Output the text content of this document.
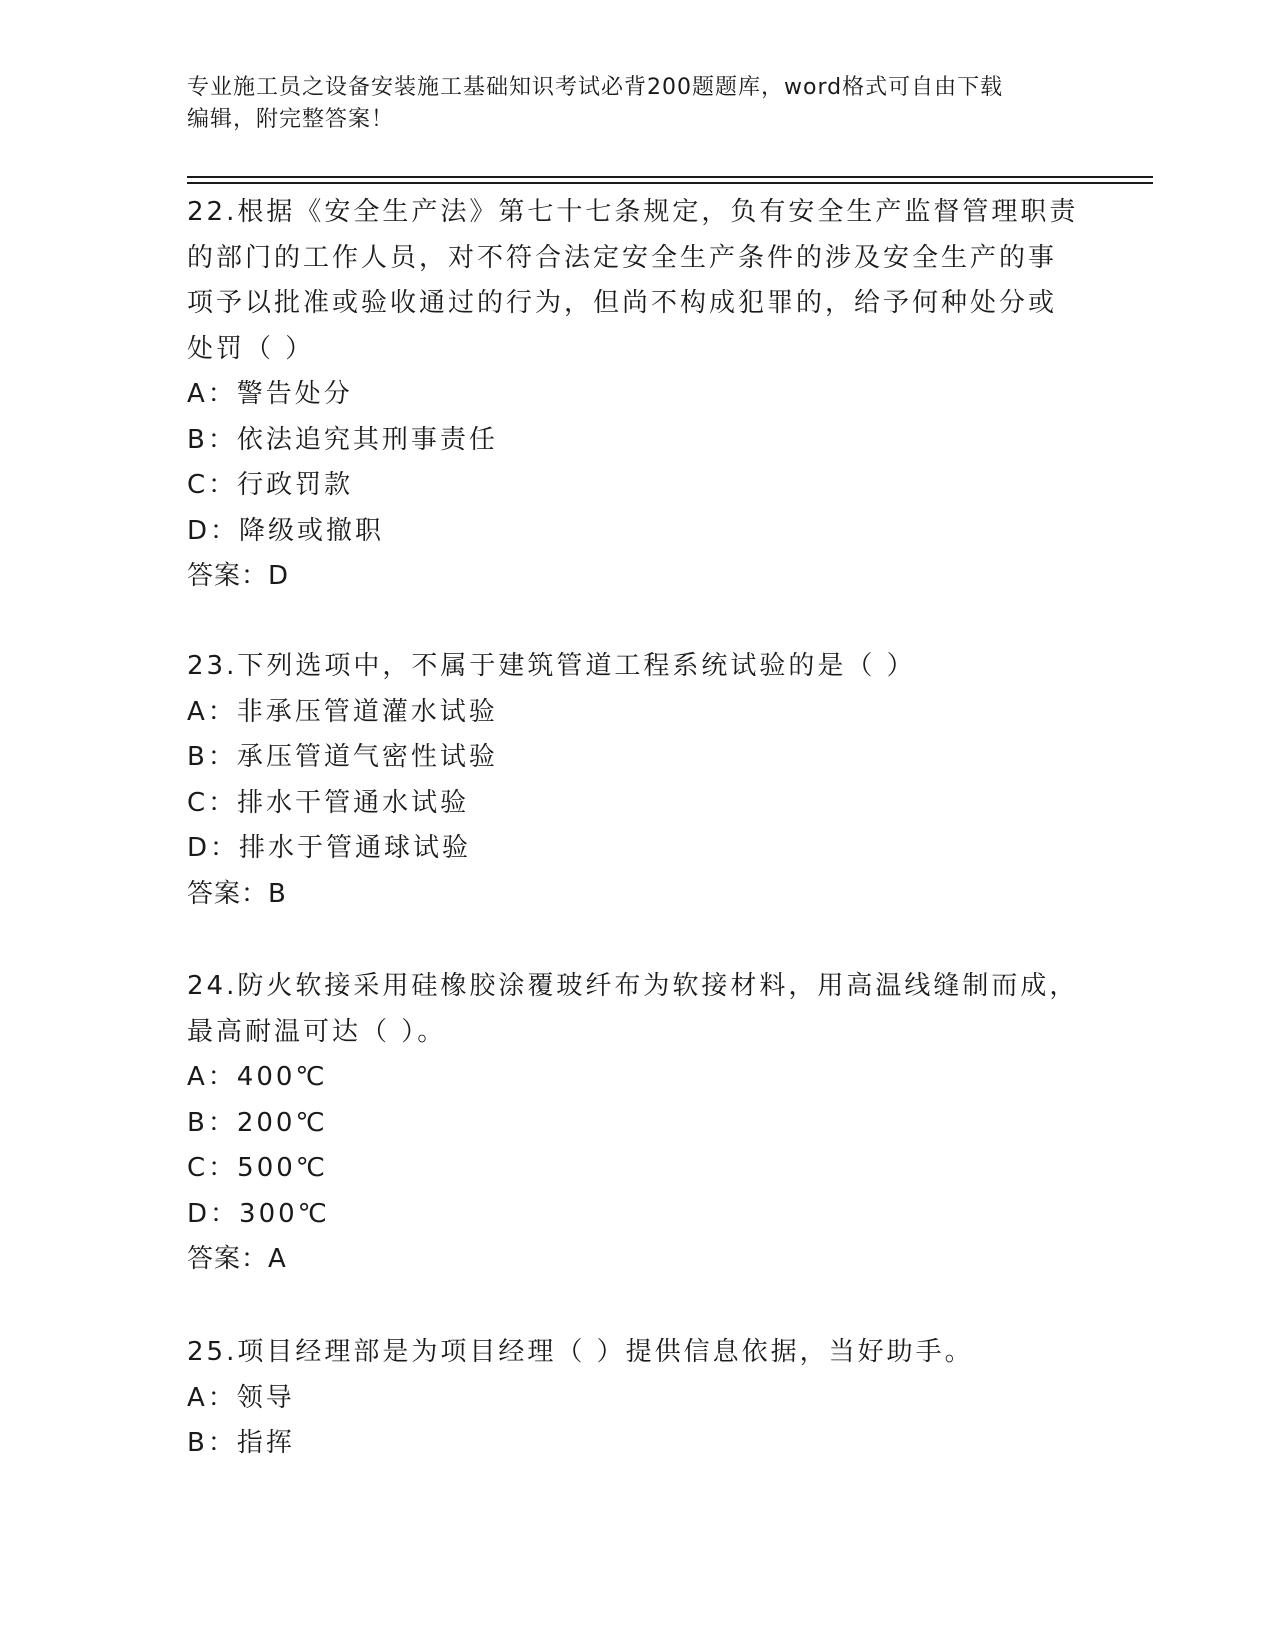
专业施工员之设备安装施工基础知识考试必背200题题库，word格式可自由下载
编辑，附完整答案！
22.根据《安全生产法》第七十七条规定，负有安全生产监督管理职责
的部门的工作人员，对不符合法定安全生产条件的涉及安全生产的事
项予以批准或验收通过的行为，但尚不构成犯罪的，给予何种处分或
处罚（ ）
A：警告处分
B：依法追究其刑事责任
C：行政罚款
D：降级或撤职
答案：D
23.下列选项中，不属于建筑管道工程系统试验的是（ ）
A：非承压管道灌水试验
B：承压管道气密性试验
C：排水干管通水试验
D：排水于管通球试验
答案：B
24.防火软接采用硅橡胶涂覆玻纤布为软接材料，用高温线缝制而成，
最高耐温可达（ ）。
A：400℃
B：200℃
C：500℃
D：300℃
答案：A
25.项目经理部是为项目经理（ ）提供信息依据，当好助手。
A：领导
B：指挥
